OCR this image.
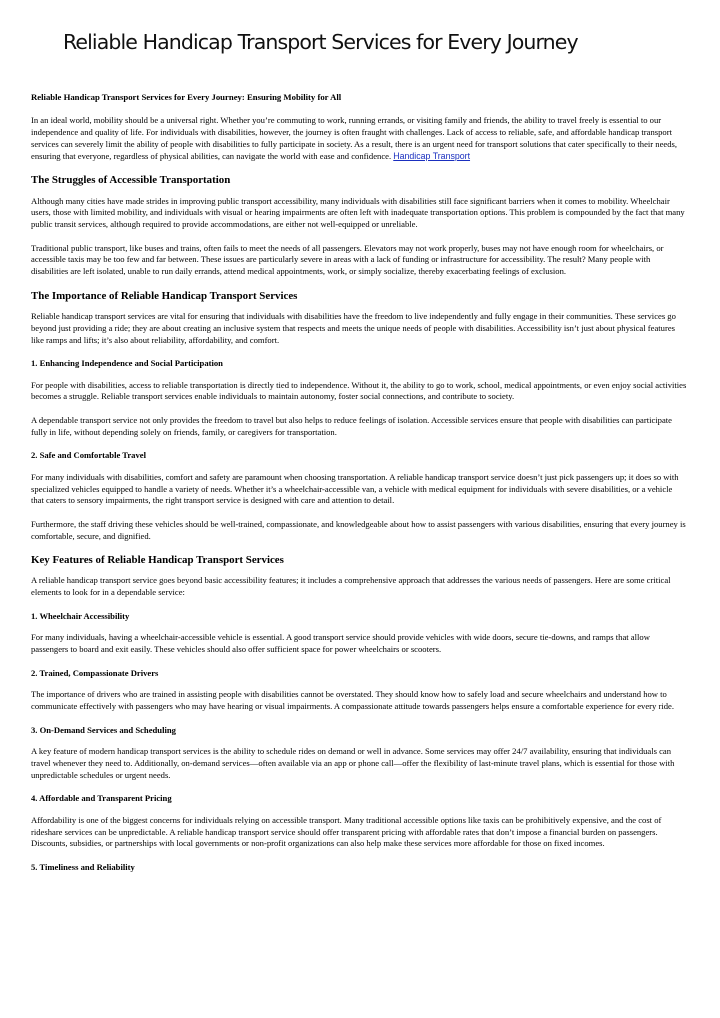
Reliable Handicap Transport Services for Every Journey

Reliable Handicap Transport Services for Every Journey: Ensuring Mobility for All

In an ideal world, mobility should be a universal right. Whether you’re commuting to work, running errands, or visiting family and friends, the ability to travel freely is essential to our independence and quality of life. For individuals with disabilities, however, the journey is often fraught with challenges. Lack of access to reliable, safe, and affordable handicap transport services can severely limit the ability of people with disabilities to fully participate in society. As a result, there is an urgent need for transport solutions that cater specifically to their needs, ensuring that everyone, regardless of physical abilities, can navigate the world with ease and confidence. Handicap Transport

The Struggles of Accessible Transportation

Although many cities have made strides in improving public transport accessibility, many individuals with disabilities still face significant barriers when it comes to mobility. Wheelchair users, those with limited mobility, and individuals with visual or hearing impairments are often left with inadequate transportation options. This problem is compounded by the fact that many public transit services, although required to provide accommodations, are either not well-equipped or unreliable.

Traditional public transport, like buses and trains, often fails to meet the needs of all passengers. Elevators may not work properly, buses may not have enough room for wheelchairs, or accessible taxis may be too few and far between. These issues are particularly severe in areas with a lack of funding or infrastructure for accessibility. The result? Many people with disabilities are left isolated, unable to run daily errands, attend medical appointments, work, or simply socialize, thereby exacerbating feelings of exclusion.

The Importance of Reliable Handicap Transport Services

Reliable handicap transport services are vital for ensuring that individuals with disabilities have the freedom to live independently and fully engage in their communities. These services go beyond just providing a ride; they are about creating an inclusive system that respects and meets the unique needs of people with disabilities. Accessibility isn’t just about physical features like ramps and lifts; it’s also about reliability, affordability, and comfort.

1. Enhancing Independence and Social Participation

For people with disabilities, access to reliable transportation is directly tied to independence. Without it, the ability to go to work, school, medical appointments, or even enjoy social activities becomes a struggle. Reliable transport services enable individuals to maintain autonomy, foster social connections, and contribute to society.

A dependable transport service not only provides the freedom to travel but also helps to reduce feelings of isolation. Accessible services ensure that people with disabilities can participate fully in life, without depending solely on friends, family, or caregivers for transportation.

2. Safe and Comfortable Travel

For many individuals with disabilities, comfort and safety are paramount when choosing transportation. A reliable handicap transport service doesn’t just pick passengers up; it does so with specialized vehicles equipped to handle a variety of needs. Whether it’s a wheelchair-accessible van, a vehicle with medical equipment for individuals with severe disabilities, or a vehicle that caters to sensory impairments, the right transport service is designed with care and attention to detail.

Furthermore, the staff driving these vehicles should be well-trained, compassionate, and knowledgeable about how to assist passengers with various disabilities, ensuring that every journey is comfortable, secure, and dignified.

Key Features of Reliable Handicap Transport Services

A reliable handicap transport service goes beyond basic accessibility features; it includes a comprehensive approach that addresses the various needs of passengers. Here are some critical elements to look for in a dependable service:

1. Wheelchair Accessibility

For many individuals, having a wheelchair-accessible vehicle is essential. A good transport service should provide vehicles with wide doors, secure tie-downs, and ramps that allow passengers to board and exit easily. These vehicles should also offer sufficient space for power wheelchairs or scooters.

2. Trained, Compassionate Drivers

The importance of drivers who are trained in assisting people with disabilities cannot be overstated. They should know how to safely load and secure wheelchairs and understand how to communicate effectively with passengers who may have hearing or visual impairments. A compassionate attitude towards passengers helps ensure a comfortable experience for every ride.

3. On-Demand Services and Scheduling

A key feature of modern handicap transport services is the ability to schedule rides on demand or well in advance. Some services may offer 24/7 availability, ensuring that individuals can travel whenever they need to. Additionally, on-demand services—often available via an app or phone call—offer the flexibility of last-minute travel plans, which is essential for those with unpredictable schedules or urgent needs.

4. Affordable and Transparent Pricing

Affordability is one of the biggest concerns for individuals relying on accessible transport. Many traditional accessible options like taxis can be prohibitively expensive, and the cost of rideshare services can be unpredictable. A reliable handicap transport service should offer transparent pricing with affordable rates that don’t impose a financial burden on passengers. Discounts, subsidies, or partnerships with local governments or non-profit organizations can also help make these services more affordable for those on fixed incomes.

5. Timeliness and Reliability
